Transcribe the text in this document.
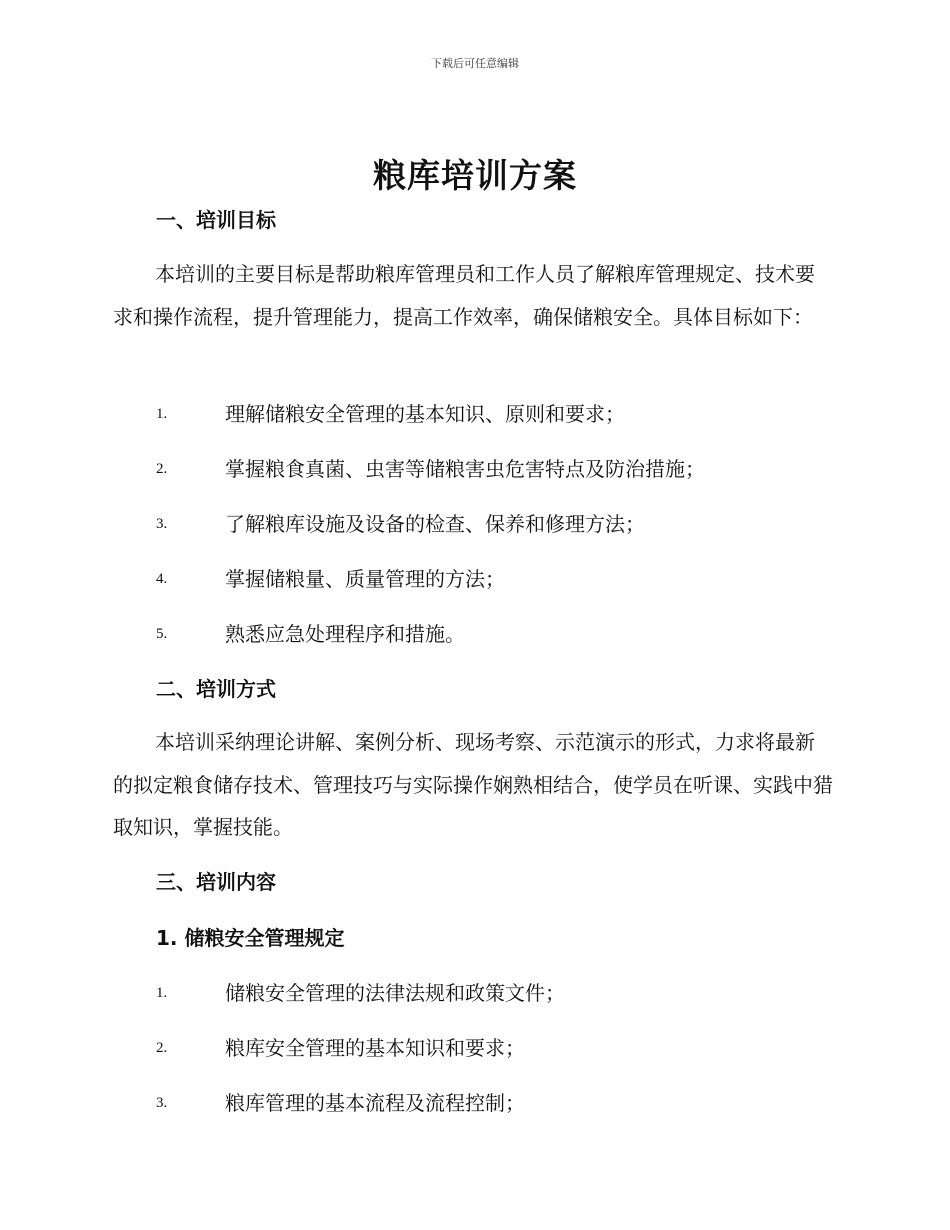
下载后可任意编辑
粮库培训方案
一、培训目标

本培训的主要目标是帮助粮库管理员和工作人员了解粮库管理规定、技术要求和操作流程，提升管理能力，提高工作效率，确保储粮安全。具体目标如下：

1.	理解储粮安全管理的基本知识、原则和要求；
2.	掌握粮食真菌、虫害等储粮害虫危害特点及防治措施；
3.	了解粮库设施及设备的检查、保养和修理方法；
4.	掌握储粮量、质量管理的方法；
5.	熟悉应急处理程序和措施。
二、培训方式

本培训采纳理论讲解、案例分析、现场考察、示范演示的形式，力求将最新的拟定粮食储存技术、管理技巧与实际操作娴熟相结合，使学员在听课、实践中猎取知识，掌握技能。

三、培训内容
1. 储粮安全管理规定
1.	储粮安全管理的法律法规和政策文件；
2.	粮库安全管理的基本知识和要求；
3.	粮库管理的基本流程及流程控制；
